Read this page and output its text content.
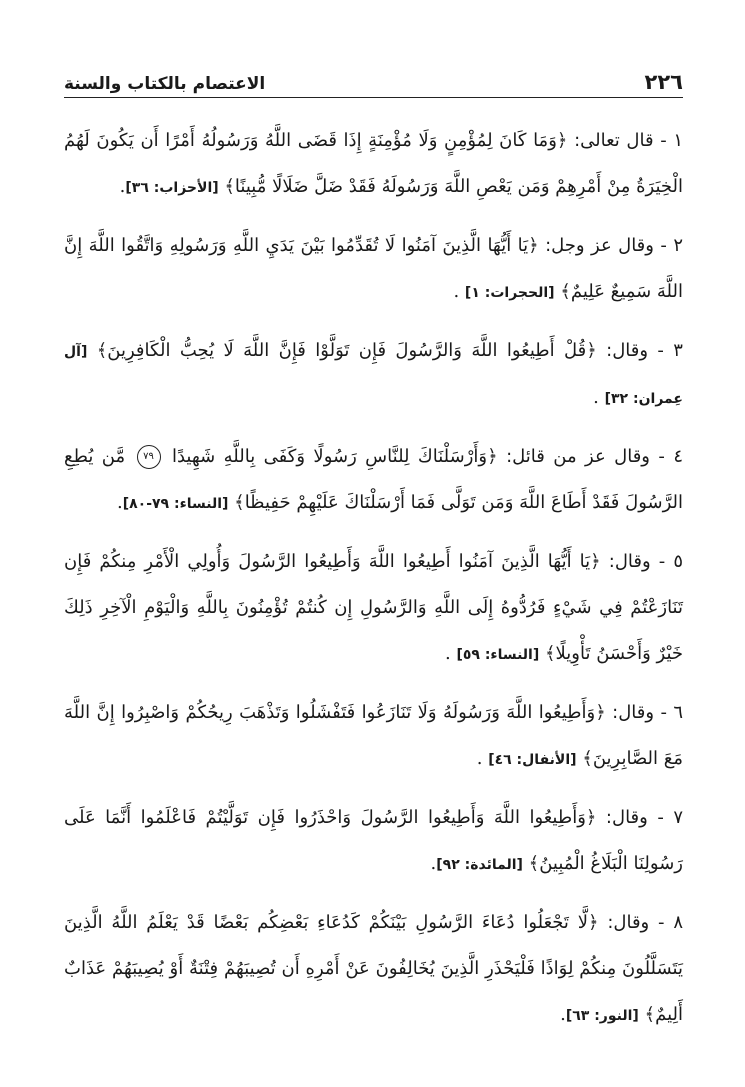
٢٢٦
الاعتصام بالكتاب والسنة

١ - قال تعالى: ﴿وَمَا كَانَ لِمُؤْمِنٍ وَلَا مُؤْمِنَةٍ إِذَا قَضَى اللَّهُ وَرَسُولُهُ أَمْرًا أَن يَكُونَ لَهُمُ الْخِيَرَةُ مِنْ أَمْرِهِمْ وَمَن يَعْصِ اللَّهَ وَرَسُولَهُ فَقَدْ ضَلَّ ضَلَالًا مُّبِينًا﴾ [الأحزاب: ٣٦].

٢ - وقال عز وجل: ﴿يَا أَيُّهَا الَّذِينَ آمَنُوا لَا تُقَدِّمُوا بَيْنَ يَدَيِ اللَّهِ وَرَسُولِهِ وَاتَّقُوا اللَّهَ إِنَّ اللَّهَ سَمِيعٌ عَلِيمٌ﴾ [الحجرات: ١] .

٣ - وقال: ﴿قُلْ أَطِيعُوا اللَّهَ وَالرَّسُولَ فَإِن تَوَلَّوْا فَإِنَّ اللَّهَ لَا يُحِبُّ الْكَافِرِينَ﴾ [آل عِمران: ٣٢] .

٤ - وقال عز من قائل: ﴿وَأَرْسَلْنَاكَ لِلنَّاسِ رَسُولًا وَكَفَى بِاللَّهِ شَهِيدًا ٧٩ مَّن يُطِعِ الرَّسُولَ فَقَدْ أَطَاعَ اللَّهَ وَمَن تَوَلَّى فَمَا أَرْسَلْنَاكَ عَلَيْهِمْ حَفِيظًا﴾ [النساء: ٧٩-٨٠].

٥ - وقال: ﴿يَا أَيُّهَا الَّذِينَ آمَنُوا أَطِيعُوا اللَّهَ وَأَطِيعُوا الرَّسُولَ وَأُولِي الْأَمْرِ مِنكُمْ فَإِن تَنَازَعْتُمْ فِي شَيْءٍ فَرُدُّوهُ إِلَى اللَّهِ وَالرَّسُولِ إِن كُنتُمْ تُؤْمِنُونَ بِاللَّهِ وَالْيَوْمِ الْآخِرِ ذَلِكَ خَيْرٌ وَأَحْسَنُ تَأْوِيلًا﴾ [النساء: ٥٩] .

٦ - وقال: ﴿وَأَطِيعُوا اللَّهَ وَرَسُولَهُ وَلَا تَنَازَعُوا فَتَفْشَلُوا وَتَذْهَبَ رِيحُكُمْ وَاصْبِرُوا إِنَّ اللَّهَ مَعَ الصَّابِرِينَ﴾ [الأنفال: ٤٦] .

٧ - وقال: ﴿وَأَطِيعُوا اللَّهَ وَأَطِيعُوا الرَّسُولَ وَاحْذَرُوا فَإِن تَوَلَّيْتُمْ فَاعْلَمُوا أَنَّمَا عَلَى رَسُولِنَا الْبَلَاغُ الْمُبِينُ﴾ [المائدة: ٩٢].

٨ - وقال: ﴿لَّا تَجْعَلُوا دُعَاءَ الرَّسُولِ بَيْنَكُمْ كَدُعَاءِ بَعْضِكُم بَعْضًا قَدْ يَعْلَمُ اللَّهُ الَّذِينَ يَتَسَلَّلُونَ مِنكُمْ لِوَاذًا فَلْيَحْذَرِ الَّذِينَ يُخَالِفُونَ عَنْ أَمْرِهِ أَن تُصِيبَهُمْ فِتْنَةٌ أَوْ يُصِيبَهُمْ عَذَابٌ أَلِيمٌ﴾ [النور: ٦٣].
